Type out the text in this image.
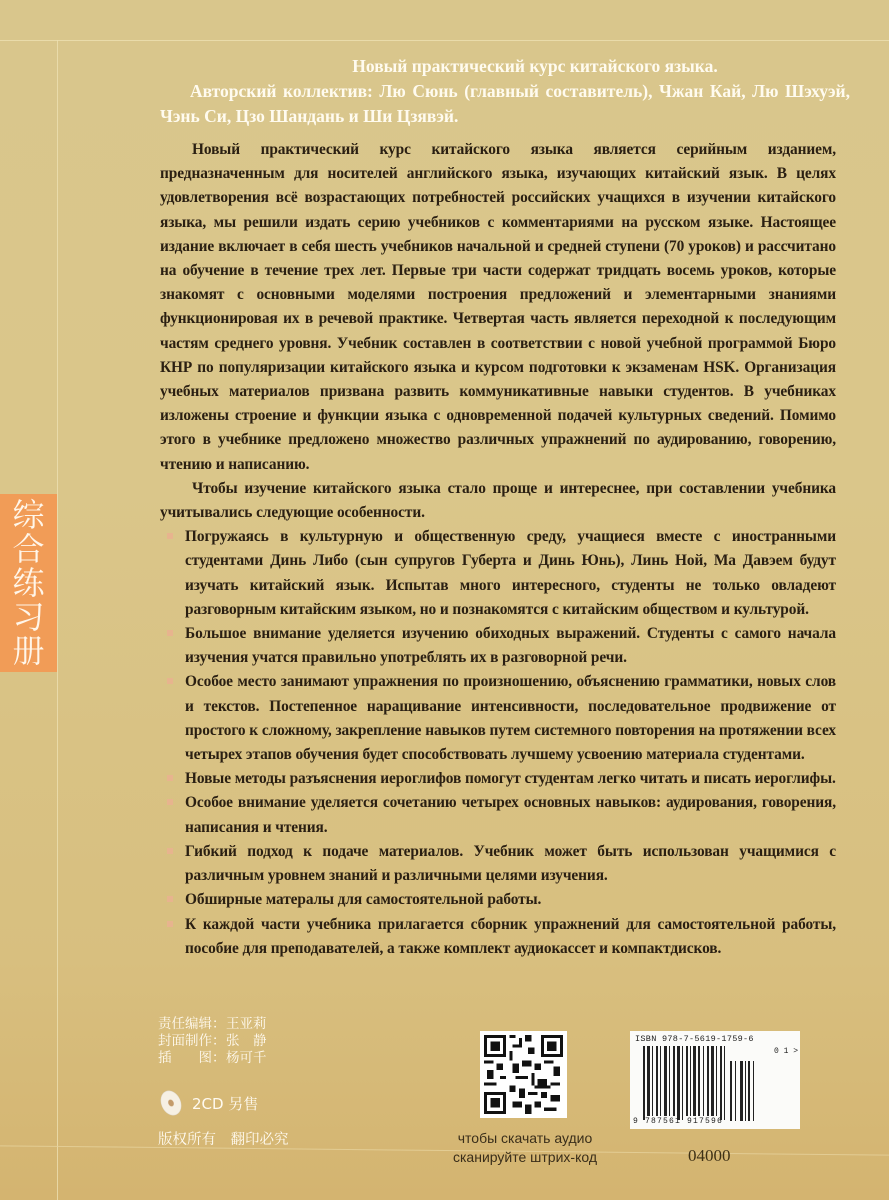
综
合
练
习
册
Новый практический курс китайского языка.
Авторский коллектив: Лю Сюнь (главный составитель), Чжан Кай, Лю Шэхуэй, Чэнь Си, Цзо Шандань и Ши Цзявэй.

Новый практический курс китайского языка является серийным изданием, предназначенным для носителей английского языка, изучающих китайский язык. В целях удовлетворения всё возрастающих потребностей российских учащихся в изучении китайского языка, мы решили издать серию учебников с комментариями на русском языке. Настоящее издание включает в себя шесть учебников начальной и средней ступени (70 уроков) и рассчитано на обучение в течение трех лет. Первые три части содержат тридцать восемь уроков, которые знакомят с основными моделями построения предложений и элементарными знаниями функционировая их в речевой практике. Четвертая часть является переходной к последующим частям среднего уровня. Учебник составлен в соответствии с новой учебной программой Бюро КНР по популяризации китайского языка и курсом подготовки к экзаменам HSK. Организация учебных материалов призвана развить коммуникативные навыки студентов. В учебниках изложены строение и функции языка с одновременной подачей культурных сведений. Помимо этого в учебнике предложено множество различных упражнений по аудированию, говорению, чтению и написанию.

Чтобы изучение китайского языка стало проще и интереснее, при составлении учебника учитывались следующие особенности.

Погружаясь в культурную и общественную среду, учащиеся вместе с иностранными студентами Динь Либо (сын супругов Губерта и Динь Юнь), Линь Ной, Ма Давэем будут изучать китайский язык. Испытав много интересного, студенты не только овладеют разговорным китайским языком, но и познакомятся с китайским обществом и культурой.
Большое внимание уделяется изучению обиходных выражений. Студенты с самого начала изучения учатся правильно употреблять их в разговорной речи.
Особое место занимают упражнения по произношению, объяснению грамматики, новых слов и текстов. Постепенное наращивание интенсивности, последовательное продвижение от простого к сложному, закрепление навыков путем системного повторения на протяжении всех четырех этапов обучения будет способствовать лучшему усвоению материала студентами.
Новые методы разъяснения иероглифов помогут студентам легко читать и писать иероглифы.
Особое внимание уделяется сочетанию четырех основных навыков: аудирования, говорения, написания и чтения.
Гибкий подход к подаче материалов. Учебник может быть использован учащимися с различным уровнем знаний и различными целями изучения.
Обширные матерaлы для самостоятельной работы.
К каждой части учебника прилагается сборник упражнений для самостоятельной работы, пособие для преподавателей, а также комплект аудиокассет и компактдисков.
责任编辑： 王亚莉
封面制作： 张　静
插　　图： 杨可千
2CD 另售
版权所有　翻印必究	чтобы скачать аудио
сканируйте штрих-код
ISBN 978-7-5619-1759-6
0 1 >
9 787561 917596
04000
